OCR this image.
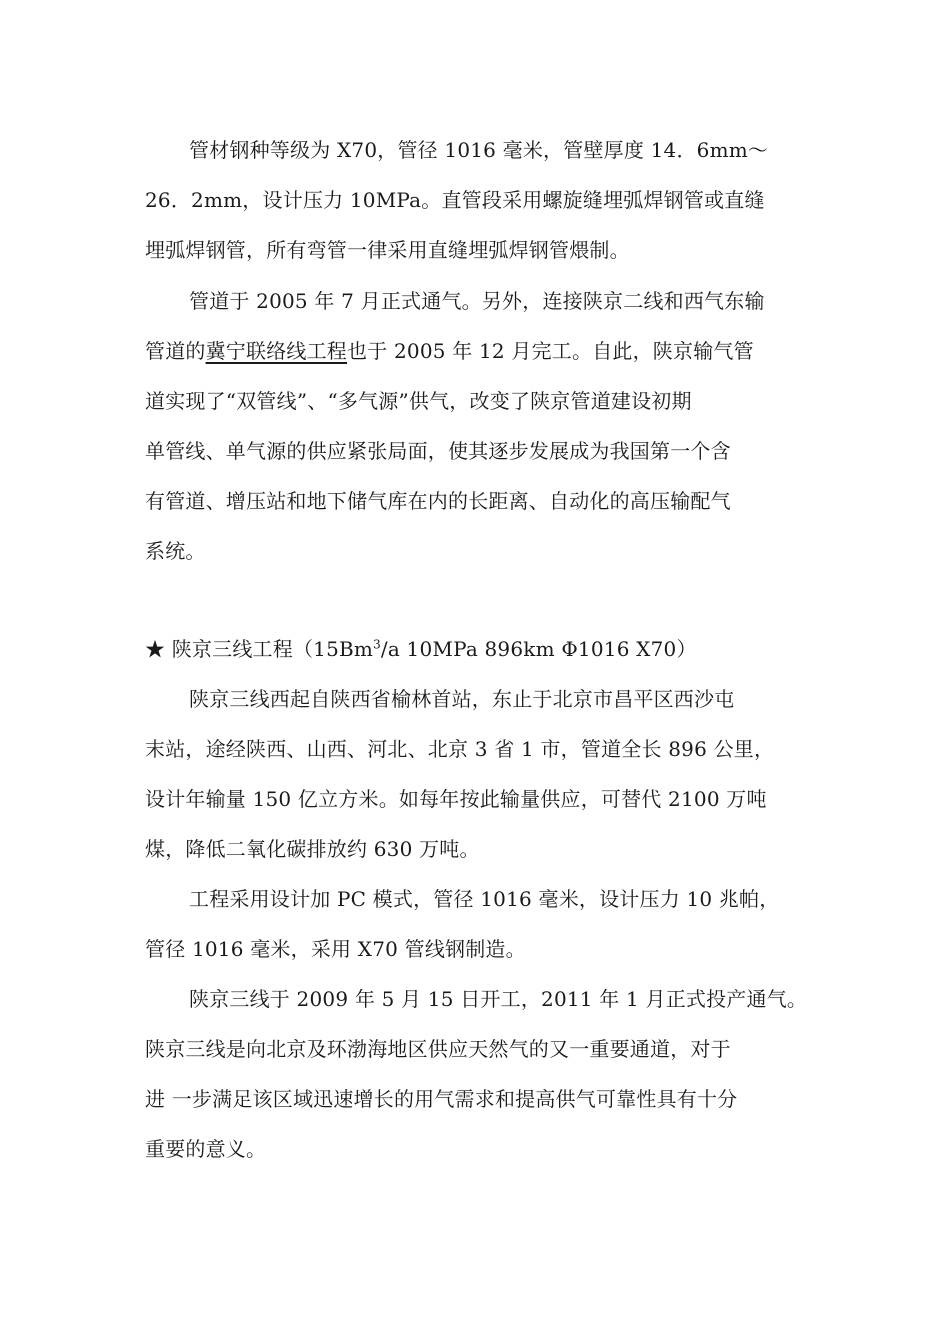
管材钢种等级为 X70，管径 1016 毫米，管壁厚度 14．6mm～
26．2mm，设计压力 10MPa。直管段采用螺旋缝埋弧焊钢管或直缝
埋弧焊钢管，所有弯管一律采用直缝埋弧焊钢管煨制。
管道于 2005 年 7 月正式通气。另外，连接陕京二线和西气东输
管道的冀宁联络线工程也于 2005 年 12 月完工。自此，陕京输气管
道实现了“双管线”、“多气源”供气，改变了陕京管道建设初期
单管线、单气源的供应紧张局面，使其逐步发展成为我国第一个含
有管道、增压站和地下储气库在内的长距离、自动化的高压输配气
系统。
★ 陕京三线工程（15Bm$^3$/a 10MPa 896km Φ1016 X70）
陕京三线西起自陕西省榆林首站，东止于北京市昌平区西沙屯
末站，途经陕西、山西、河北、北京 3 省 1 市，管道全长 896 公里，
设计年输量 150 亿立方米。如每年按此输量供应，可替代 2100 万吨
煤，降低二氧化碳排放约 630 万吨。
工程采用设计加 PC 模式，管径 1016 毫米，设计压力 10 兆帕，
管径 1016 毫米，采用 X70 管线钢制造。
陕京三线于 2009 年 5 月 15 日开工，2011 年 1 月正式投产通气。
陕京三线是向北京及环渤海地区供应天然气的又一重要通道，对于
进 一步满足该区域迅速增长的用气需求和提高供气可靠性具有十分
重要的意义。
